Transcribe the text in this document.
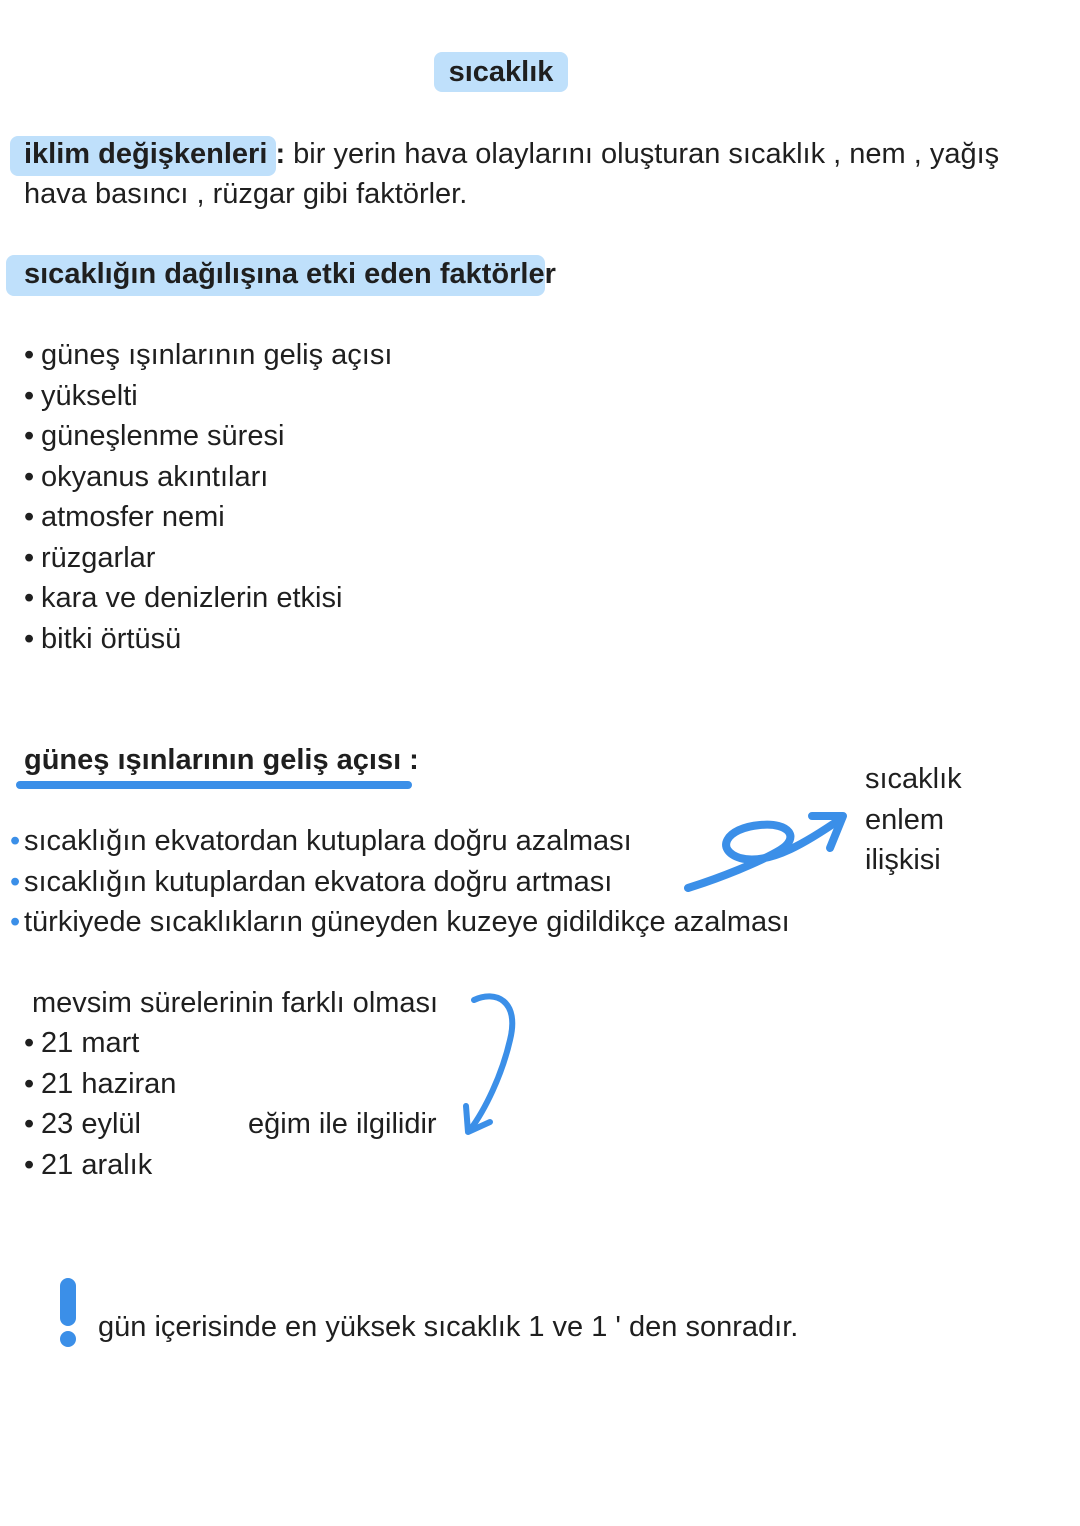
sıcaklık
iklim değişkenleri : bir yerin hava olaylarını oluşturan sıcaklık , nem , yağış
hava basıncı , rüzgar gibi faktörler.
sıcaklığın dağılışına etki eden faktörler
• güneş ışınlarının geliş açısı
• yükselti
• güneşlenme süresi
• okyanus akıntıları
• atmosfer nemi
• rüzgarlar
• kara ve denizlerin etkisi
• bitki örtüsü
güneş ışınlarının geliş açısı :
sıcaklık
enlem
ilişkisi
• sıcaklığın ekvatordan kutuplara doğru azalması
• sıcaklığın kutuplardan ekvatora doğru artması
• türkiyede sıcaklıkların güneyden kuzeye gidildikçe azalması
mevsim sürelerinin farklı olması
• 21 mart
• 21 haziran
• 23 eylül
• 21 aralık
eğim ile ilgilidir
gün içerisinde en yüksek sıcaklık 1 ve 1 ' den sonradır.
